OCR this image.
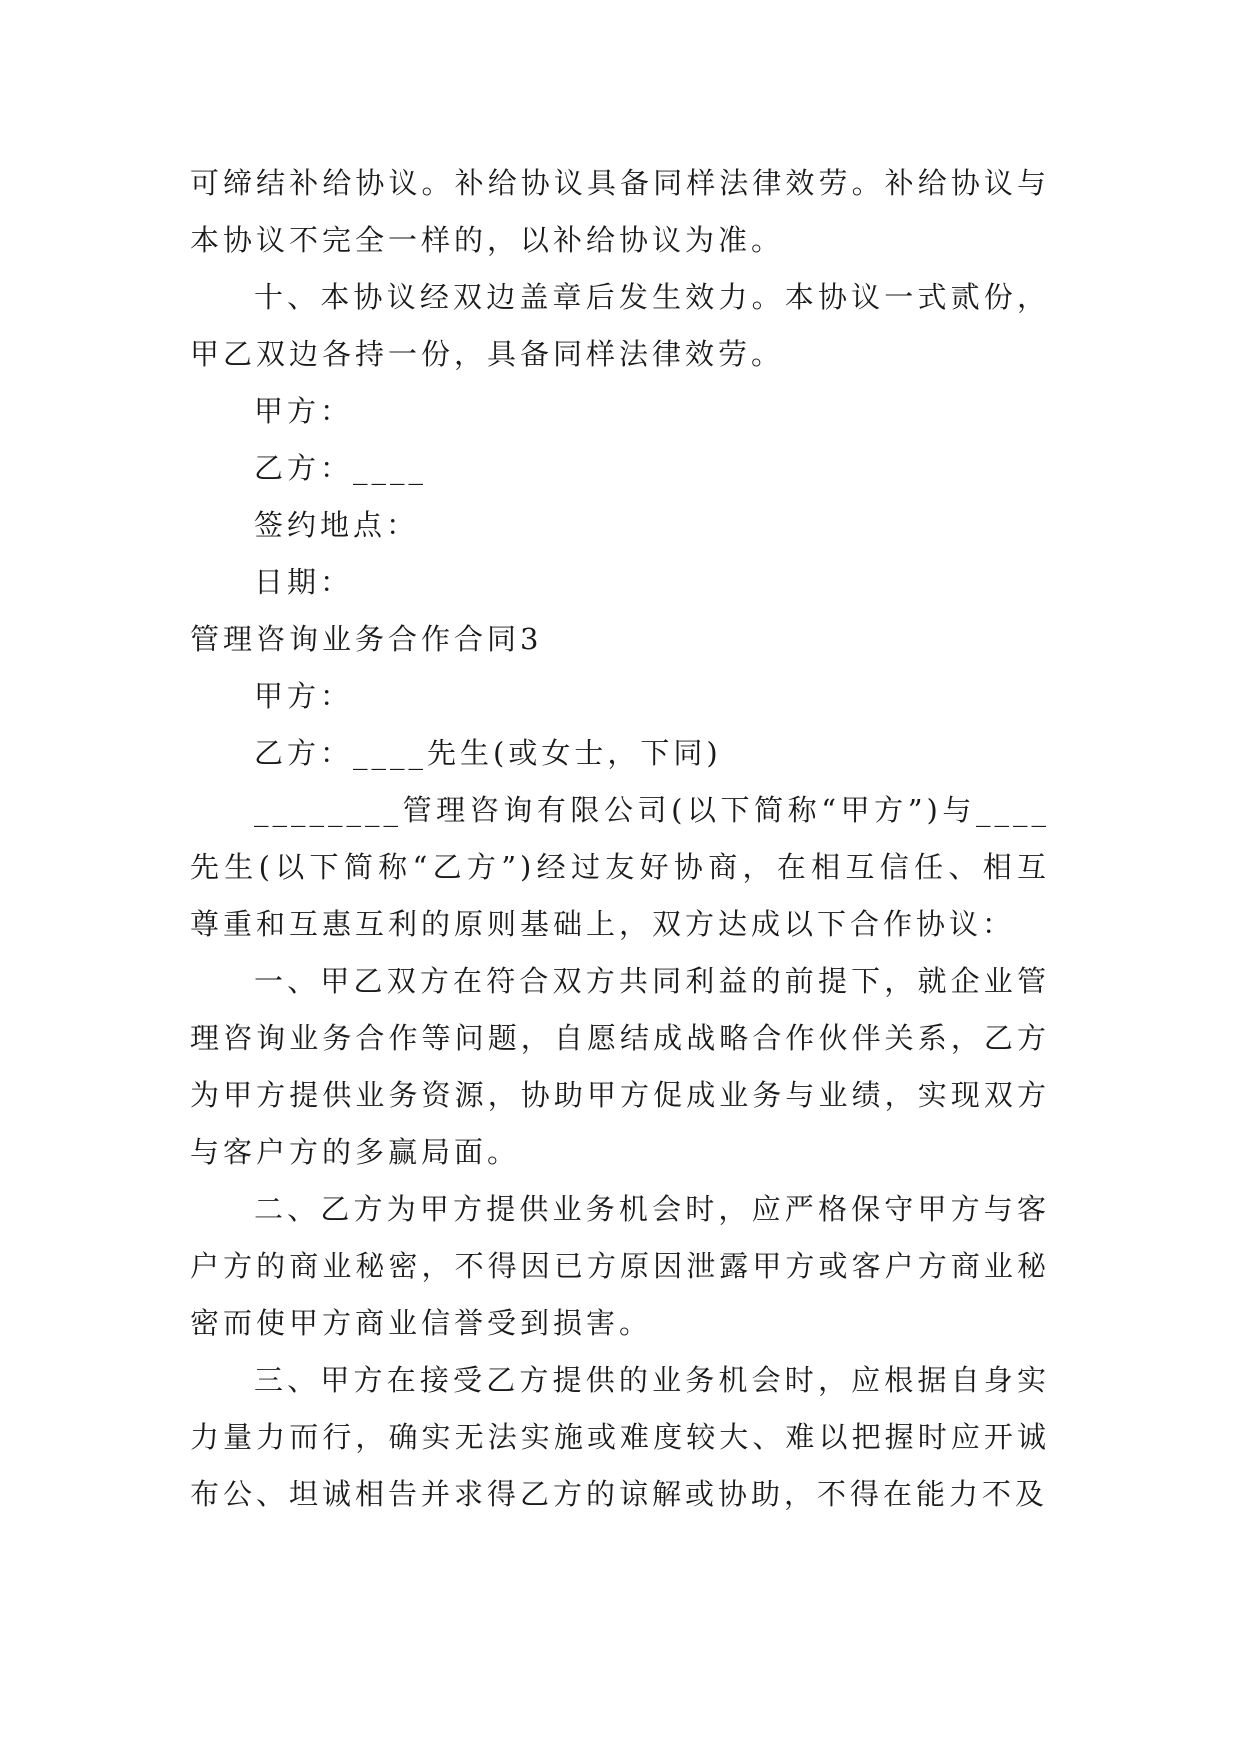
可缔结补给协议。补给协议具备同样法律效劳。补给协议与本协议不完全一样的，以补给协议为准。

十、本协议经双边盖章后发生效力。本协议一式贰份，甲乙双边各持一份，具备同样法律效劳。

甲方：

乙方：____

签约地点：

日期：

管理咨询业务合作合同3

甲方：

乙方：____先生(或女士，下同)

________管理咨询有限公司(以下简称“甲方”)与____先生(以下简称“乙方”)经过友好协商，在相互信任、相互尊重和互惠互利的原则基础上，双方达成以下合作协议：

一、甲乙双方在符合双方共同利益的前提下，就企业管理咨询业务合作等问题，自愿结成战略合作伙伴关系，乙方为甲方提供业务资源，协助甲方促成业务与业绩，实现双方与客户方的多赢局面。

二、乙方为甲方提供业务机会时，应严格保守甲方与客户方的商业秘密，不得因已方原因泄露甲方或客户方商业秘密而使甲方商业信誉受到损害。

三、甲方在接受乙方提供的业务机会时，应根据自身实力量力而行，确实无法实施或难度较大、难以把握时应开诚布公、坦诚相告并求得乙方的谅解或协助，不得在能力不及
